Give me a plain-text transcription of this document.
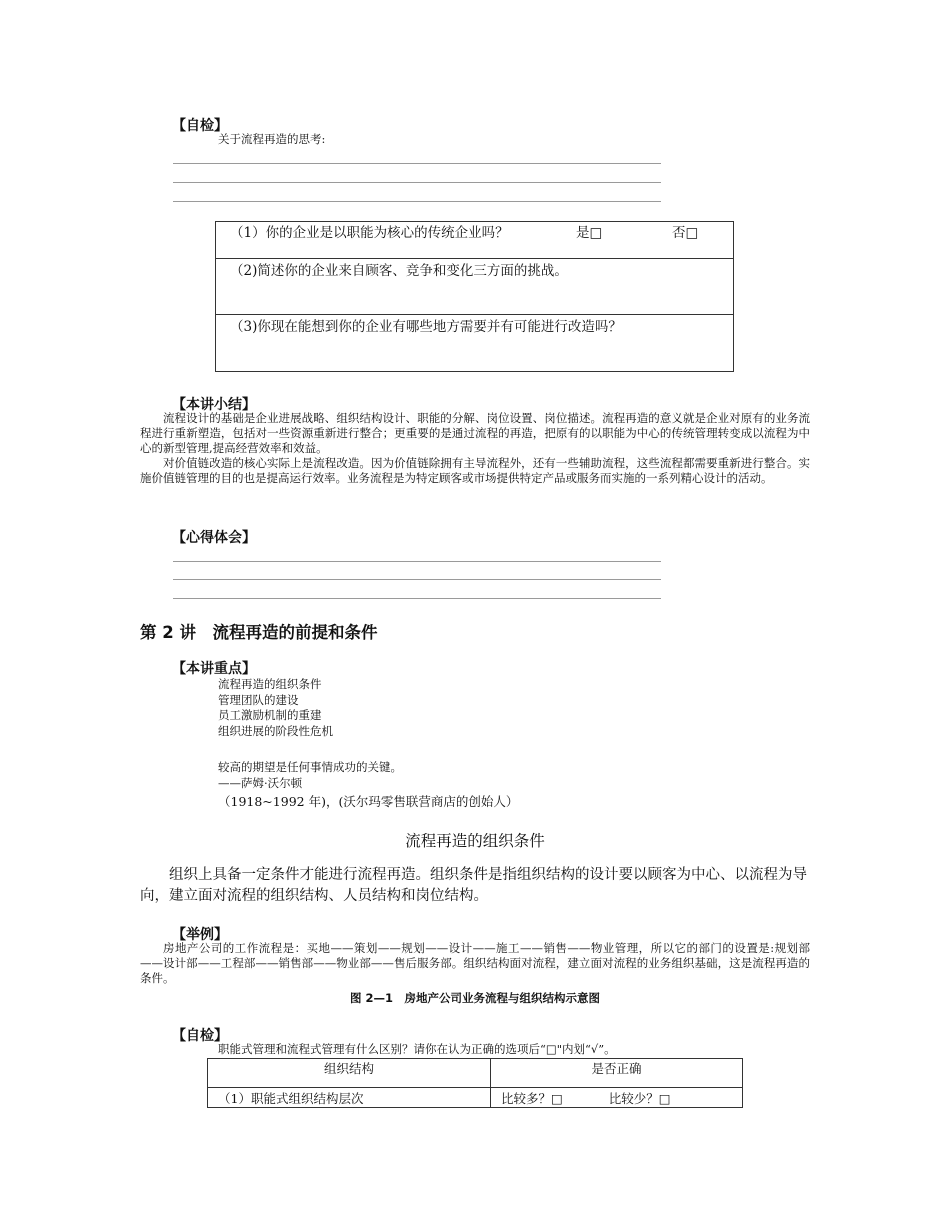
【自检】
关于流程再造的思考:
（1）你的企业是以职能为核心的传统企业吗？	是□	否□
（2)简述你的企业来自顾客、竞争和变化三方面的挑战。
（3)你现在能想到你的企业有哪些地方需要并有可能进行改造吗？
【本讲小结】
流程设计的基础是企业进展战略、组织结构设计、职能的分解、岗位设置、岗位描述。流程再造的意义就是企业对原有的业务流程进行重新塑造，包括对一些资源重新进行整合；更重要的是通过流程的再造，把原有的以职能为中心的传统管理转变成以流程为中心的新型管理,提高经营效率和效益。
对价值链改造的核心实际上是流程改造。因为价值链除拥有主导流程外，还有一些辅助流程，这些流程都需要重新进行整合。实施价值链管理的目的也是提高运行效率。业务流程是为特定顾客或市场提供特定产品或服务而实施的一系列精心设计的活动。
【心得体会】
第 2 讲　流程再造的前提和条件
【本讲重点】
流程再造的组织条件
管理团队的建设
员工激励机制的重建
组织进展的阶段性危机
较高的期望是任何事情成功的关键。
——萨姆·沃尔顿
（1918~1992 年)，(沃尔玛零售联营商店的创始人）
流程再造的组织条件
组织上具备一定条件才能进行流程再造。组织条件是指组织结构的设计要以顾客为中心、以流程为导向，建立面对流程的组织结构、人员结构和岗位结构。
【举例】
房地产公司的工作流程是：买地——策划——规划——设计——施工——销售——物业管理，所以它的部门的设置是:规划部——设计部——工程部——销售部——物业部——售后服务部。组织结构面对流程，建立面对流程的业务组织基础，这是流程再造的条件。
图 2—1　房地产公司业务流程与组织结构示意图
【自检】
职能式管理和流程式管理有什么区别？请你在认为正确的选项后“□"内划“√”。
组织结构	是否正确
（1）职能式组织结构层次	比较多？□ 比较少？□
